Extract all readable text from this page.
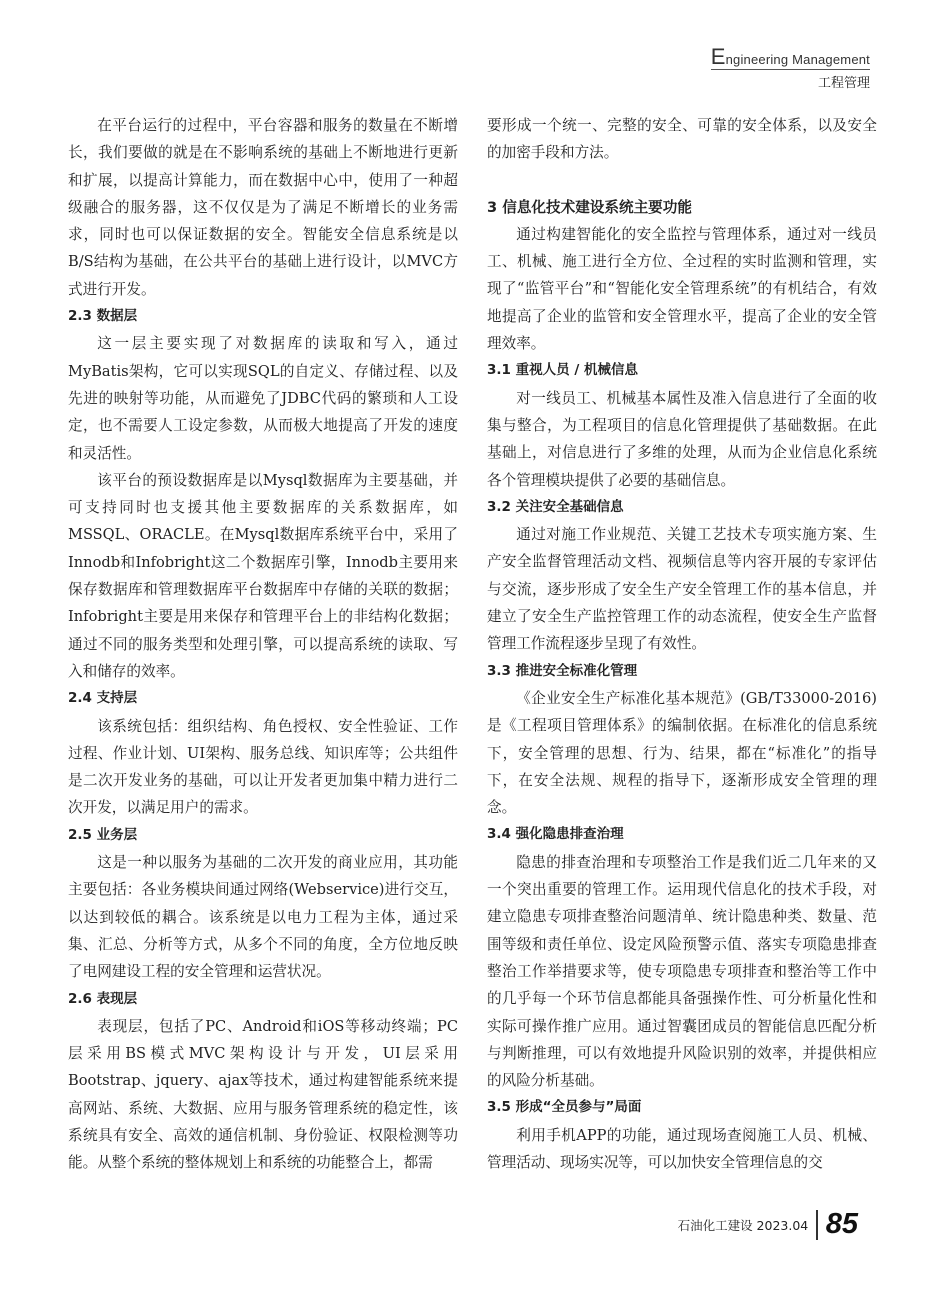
Engineering Management
工程管理

在平台运行的过程中，平台容器和服务的数量在不断增长，我们要做的就是在不影响系统的基础上不断地进行更新和扩展，以提高计算能力，而在数据中心中，使用了一种超级融合的服务器，这不仅仅是为了满足不断增长的业务需求，同时也可以保证数据的安全。智能安全信息系统是以B/S结构为基础，在公共平台的基础上进行设计，以MVC方式进行开发。

2.3 数据层

这一层主要实现了对数据库的读取和写入，通过MyBatis架构，它可以实现SQL的自定义、存储过程、以及先进的映射等功能，从而避免了JDBC代码的繁琐和人工设定，也不需要人工设定参数，从而极大地提高了开发的速度和灵活性。

该平台的预设数据库是以Mysql数据库为主要基础，并可支持同时也支援其他主要数据库的关系数据库，如MSSQL、ORACLE。在Mysql数据库系统平台中，采用了Innodb和Infobright这二个数据库引擎，Innodb主要用来保存数据库和管理数据库平台数据库中存储的关联的数据；Infobright主要是用来保存和管理平台上的非结构化数据；通过不同的服务类型和处理引擎，可以提高系统的读取、写入和储存的效率。

2.4 支持层

该系统包括：组织结构、角色授权、安全性验证、工作过程、作业计划、UI架构、服务总线、知识库等；公共组件是二次开发业务的基础，可以让开发者更加集中精力进行二次开发，以满足用户的需求。

2.5 业务层

这是一种以服务为基础的二次开发的商业应用，其功能主要包括：各业务模块间通过网络(Webservice)进行交互，以达到较低的耦合。该系统是以电力工程为主体，通过采集、汇总、分析等方式，从多个不同的角度，全方位地反映了电网建设工程的安全管理和运营状况。

2.6 表现层

表现层，包括了PC、Android和iOS等移动终端；PC层采用BS模式MVC架构设计与开发，UI层采用Bootstrap、jquery、ajax等技术，通过构建智能系统来提高网站、系统、大数据、应用与服务管理系统的稳定性，该系统具有安全、高效的通信机制、身份验证、权限检测等功能。从整个系统的整体规划上和系统的功能整合上，都需

要形成一个统一、完整的安全、可靠的安全体系，以及安全的加密手段和方法。

3 信息化技术建设系统主要功能

通过构建智能化的安全监控与管理体系，通过对一线员工、机械、施工进行全方位、全过程的实时监测和管理，实现了“监管平台”和“智能化安全管理系统”的有机结合，有效地提高了企业的监管和安全管理水平，提高了企业的安全管理效率。

3.1 重视人员 / 机械信息

对一线员工、机械基本属性及准入信息进行了全面的收集与整合，为工程项目的信息化管理提供了基础数据。在此基础上，对信息进行了多维的处理，从而为企业信息化系统各个管理模块提供了必要的基础信息。

3.2 关注安全基础信息

通过对施工作业规范、关键工艺技术专项实施方案、生产安全监督管理活动文档、视频信息等内容开展的专家评估与交流，逐步形成了安全生产安全管理工作的基本信息，并建立了安全生产监控管理工作的动态流程，使安全生产监督管理工作流程逐步呈现了有效性。

3.3 推进安全标准化管理

《企业安全生产标准化基本规范》(GB/T33000-2016)是《工程项目管理体系》的编制依据。在标准化的信息系统下，安全管理的思想、行为、结果，都在“标准化”的指导下，在安全法规、规程的指导下，逐渐形成安全管理的理念。

3.4 强化隐患排查治理

隐患的排查治理和专项整治工作是我们近二几年来的又一个突出重要的管理工作。运用现代信息化的技术手段，对建立隐患专项排查整治问题清单、统计隐患种类、数量、范围等级和责任单位、设定风险预警示值、落实专项隐患排查整治工作举措要求等，使专项隐患专项排查和整治等工作中的几乎每一个环节信息都能具备强操作性、可分析量化性和实际可操作推广应用。通过智囊团成员的智能信息匹配分析与判断推理，可以有效地提升风险识别的效率，并提供相应的风险分析基础。

3.5 形成“全员参与”局面

利用手机APP的功能，通过现场查阅施工人员、机械、管理活动、现场实况等，可以加快安全管理信息的交

石油化工建设 2023.04 85
